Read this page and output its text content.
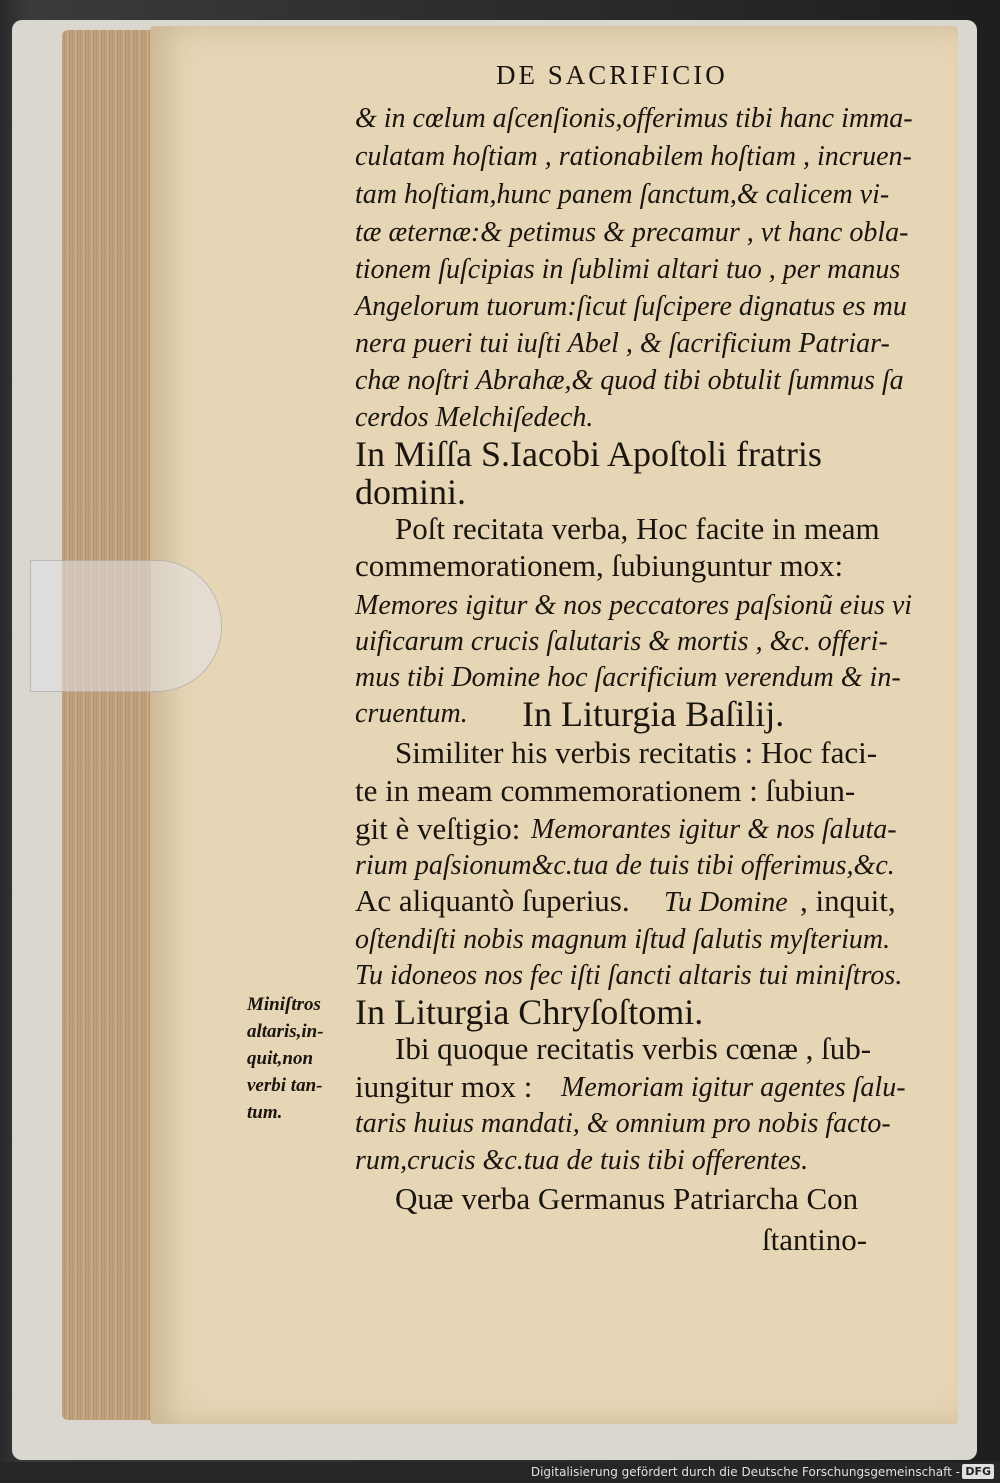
DE SACRIFICIO
& in cœlum aſcenſionis,offerimus tibi hanc imma-
culatam hoſtiam , rationabilem hoſtiam , incruen-
tam hoſtiam,hunc panem ſanctum,& calicem vi-
tæ æternæ:& petimus & precamur , vt hanc obla-
tionem ſuſcipias in ſublimi altari tuo , per manus
Angelorum tuorum:ſicut ſuſcipere dignatus es mu
nera pueri tui iuſti Abel , & ſacrificium Patriar-
chæ noſtri Abrahæ,& quod tibi obtulit ſummus ſa
cerdos Melchiſedech.
In Miſſa S.Iacobi Apoſtoli fratris
domini.
Poſt recitata verba, Hoc facite in meam
commemorationem, ſubiunguntur mox:
Memores igitur & nos peccatores paſsionũ eius vi
uificarum crucis ſalutaris & mortis , &c. offeri-
mus tibi Domine hoc ſacrificium verendum & in-
cruentum. In Liturgia Baſilij.
Similiter his verbis recitatis : Hoc faci-
te in meam commemorationem : ſubiun-
git è veſtigio: Memorantes igitur & nos ſaluta-
rium paſsionum&c.tua de tuis tibi offerimus,&c.
Ac aliquantò ſuperius. Tu Domine , inquit,
oſtendiſti nobis magnum iſtud ſalutis myſterium.
Tu idoneos nos fec iſti ſancti altaris tui miniſtros.
In Liturgia Chryſoſtomi.
Ibi quoque recitatis verbis cœnæ , ſub-
iungitur mox : Memoriam igitur agentes ſalu-
taris huius mandati, & omnium pro nobis facto-
rum,crucis &c.tua de tuis tibi offerentes.
Quæ verba Germanus Patriarcha Con
ſtantino-
Miniſtros
altaris,in-
quit,non
verbi tan-
tum.
Digitalisierung gefördert durch die Deutsche Forschungsgemeinschaft - DFG
